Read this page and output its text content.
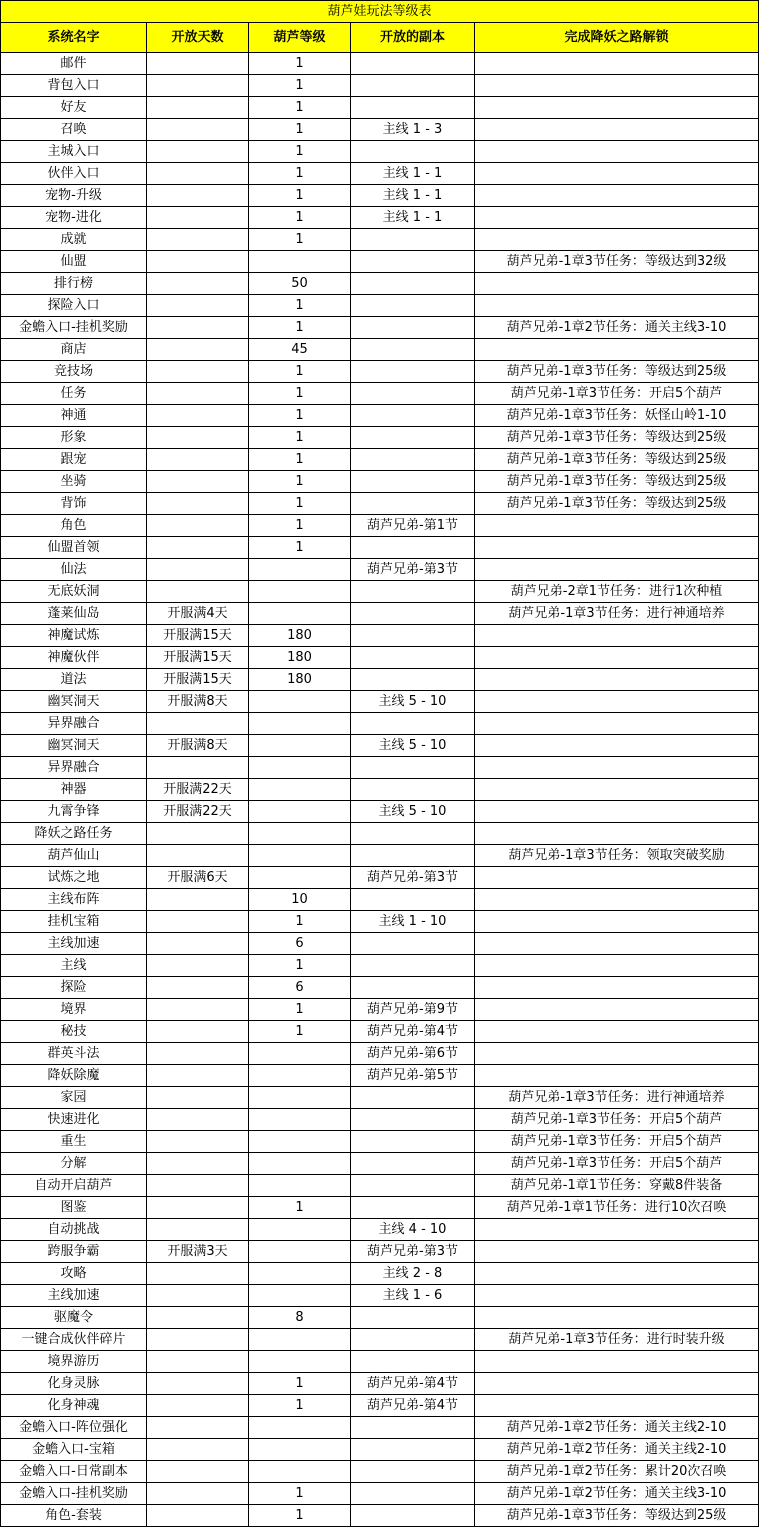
葫芦娃玩法等级表				
系统名字	开放天数	葫芦等级	开放的副本	完成降妖之路解锁
邮件		1		
背包入口		1		
好友		1		
召唤		1	主线 1 - 3	
主城入口		1		
伙伴入口		1	主线 1 - 1	
宠物-升级		1	主线 1 - 1	
宠物-进化		1	主线 1 - 1	
成就		1		
仙盟				葫芦兄弟-1章3节任务：等级达到32级
排行榜		50		
探险入口		1		
金蟾入口-挂机奖励		1		葫芦兄弟-1章2节任务：通关主线3-10
商店		45		
竞技场		1		葫芦兄弟-1章3节任务：等级达到25级
任务		1		葫芦兄弟-1章3节任务：开启5个葫芦
神通		1		葫芦兄弟-1章3节任务：妖怪山岭1-10
形象		1		葫芦兄弟-1章3节任务：等级达到25级
跟宠		1		葫芦兄弟-1章3节任务：等级达到25级
坐骑		1		葫芦兄弟-1章3节任务：等级达到25级
背饰		1		葫芦兄弟-1章3节任务：等级达到25级
角色		1	葫芦兄弟-第1节	
仙盟首领		1		
仙法			葫芦兄弟-第3节	
无底妖洞				葫芦兄弟-2章1节任务：进行1次种植
蓬莱仙岛	开服满4天			葫芦兄弟-1章3节任务：进行神通培养
神魔试炼	开服满15天	180		
神魔伙伴	开服满15天	180		
道法	开服满15天	180		
幽冥洞天	开服满8天		主线 5 - 10	
异界融合				
幽冥洞天	开服满8天		主线 5 - 10	
异界融合				
神器	开服满22天			
九霄争锋	开服满22天		主线 5 - 10	
降妖之路任务				
葫芦仙山				葫芦兄弟-1章3节任务：领取突破奖励
试炼之地	开服满6天		葫芦兄弟-第3节	
主线布阵		10		
挂机宝箱		1	主线 1 - 10	
主线加速		6		
主线		1		
探险		6		
境界		1	葫芦兄弟-第9节	
秘技		1	葫芦兄弟-第4节	
群英斗法			葫芦兄弟-第6节	
降妖除魔			葫芦兄弟-第5节	
家园				葫芦兄弟-1章3节任务：进行神通培养
快速进化				葫芦兄弟-1章3节任务：开启5个葫芦
重生				葫芦兄弟-1章3节任务：开启5个葫芦
分解				葫芦兄弟-1章3节任务：开启5个葫芦
自动开启葫芦				葫芦兄弟-1章1节任务：穿戴8件装备
图鉴		1		葫芦兄弟-1章1节任务：进行10次召唤
自动挑战			主线 4 - 10	
跨服争霸	开服满3天		葫芦兄弟-第3节	
攻略			主线 2 - 8	
主线加速			主线 1 - 6	
驱魔令		8		
一键合成伙伴碎片				葫芦兄弟-1章3节任务：进行时装升级
境界游历				
化身灵脉		1	葫芦兄弟-第4节	
化身神魂		1	葫芦兄弟-第4节	
金蟾入口-阵位强化				葫芦兄弟-1章2节任务：通关主线2-10
金蟾入口-宝箱				葫芦兄弟-1章2节任务：通关主线2-10
金蟾入口-日常副本				葫芦兄弟-1章2节任务：累计20次召唤
金蟾入口-挂机奖励		1		葫芦兄弟-1章2节任务：通关主线3-10
角色-套装		1		葫芦兄弟-1章3节任务：等级达到25级
